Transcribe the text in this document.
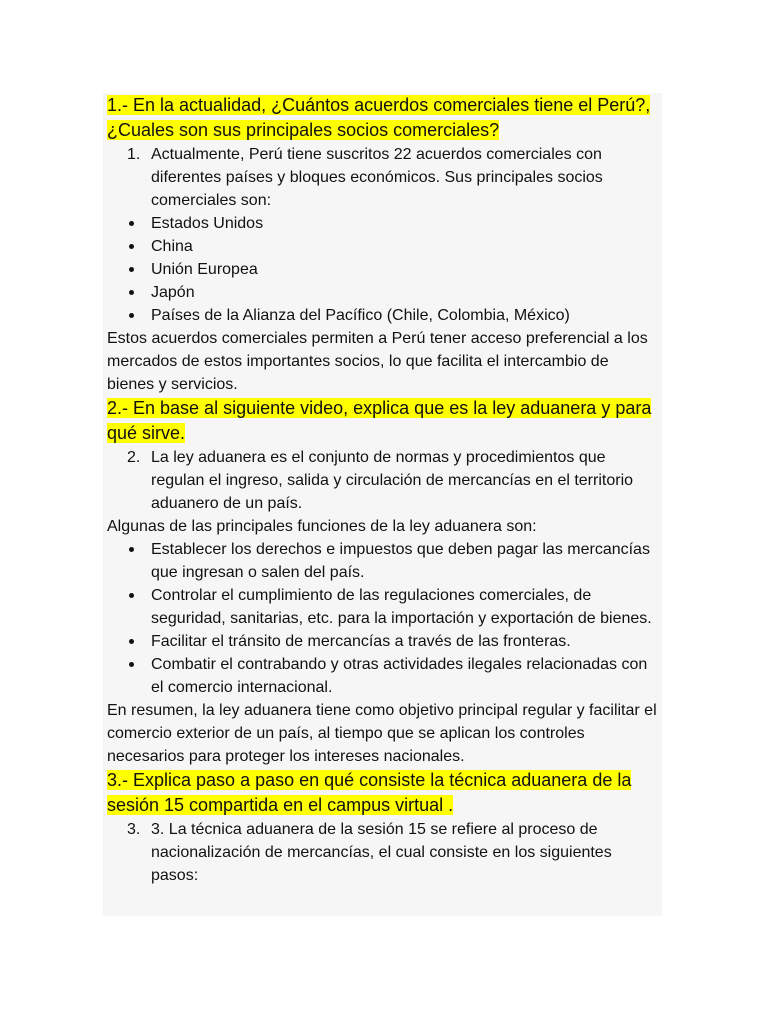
1.- En la actualidad, ¿Cuántos acuerdos comerciales tiene el Perú?,
¿Cuales son sus principales socios comerciales?

1. Actualmente, Perú tiene suscritos 22 acuerdos comerciales con diferentes países y bloques económicos. Sus principales socios comerciales son:
Estados Unidos
China
Unión Europea
Japón
Países de la Alianza del Pacífico (Chile, Colombia, México)

Estos acuerdos comerciales permiten a Perú tener acceso preferencial a los mercados de estos importantes socios, lo que facilita el intercambio de bienes y servicios.

2.- En base al siguiente video, explica que es la ley aduanera y para
qué sirve.

2. La ley aduanera es el conjunto de normas y procedimientos que regulan el ingreso, salida y circulación de mercancías en el territorio aduanero de un país.

Algunas de las principales funciones de la ley aduanera son:

Establecer los derechos e impuestos que deben pagar las mercancías que ingresan o salen del país.
Controlar el cumplimiento de las regulaciones comerciales, de seguridad, sanitarias, etc. para la importación y exportación de bienes.
Facilitar el tránsito de mercancías a través de las fronteras.
Combatir el contrabando y otras actividades ilegales relacionadas con el comercio internacional.

En resumen, la ley aduanera tiene como objetivo principal regular y facilitar el comercio exterior de un país, al tiempo que se aplican los controles necesarios para proteger los intereses nacionales.

3.- Explica paso a paso en qué consiste la técnica aduanera de la
sesión 15 compartida en el campus virtual .

3. 3. La técnica aduanera de la sesión 15 se refiere al proceso de nacionalización de mercancías, el cual consiste en los siguientes pasos:
